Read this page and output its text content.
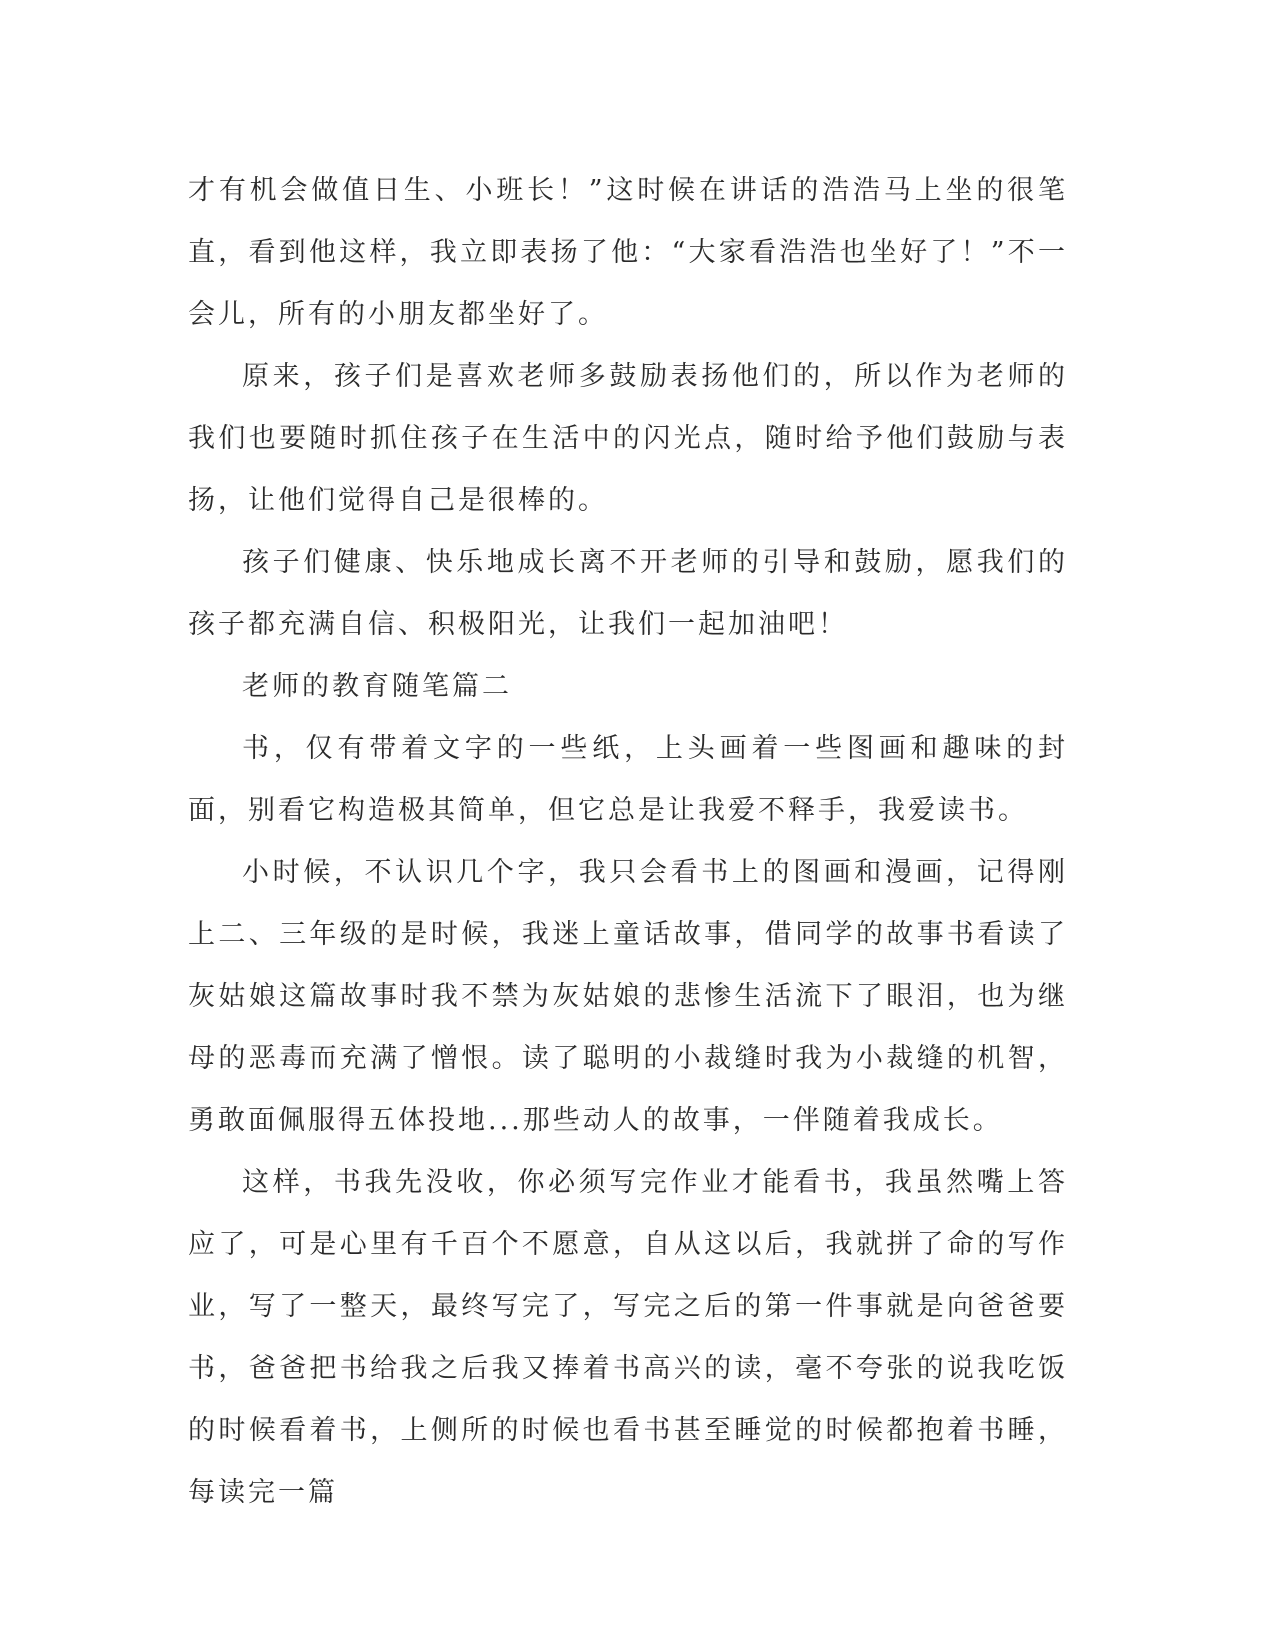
才有机会做值日生、小班长！”这时候在讲话的浩浩马上坐的很笔直，看到他这样，我立即表扬了他：“大家看浩浩也坐好了！”不一会儿，所有的小朋友都坐好了。

原来，孩子们是喜欢老师多鼓励表扬他们的，所以作为老师的我们也要随时抓住孩子在生活中的闪光点，随时给予他们鼓励与表扬，让他们觉得自己是很棒的。

孩子们健康、快乐地成长离不开老师的引导和鼓励，愿我们的孩子都充满自信、积极阳光，让我们一起加油吧！

老师的教育随笔篇二

书，仅有带着文字的一些纸，上头画着一些图画和趣味的封面，别看它构造极其简单，但它总是让我爱不释手，我爱读书。

小时候，不认识几个字，我只会看书上的图画和漫画，记得刚上二、三年级的是时候，我迷上童话故事，借同学的故事书看读了灰姑娘这篇故事时我不禁为灰姑娘的悲惨生活流下了眼泪，也为继母的恶毒而充满了憎恨。读了聪明的小裁缝时我为小裁缝的机智，勇敢面佩服得五体投地...那些动人的故事，一伴随着我成长。

这样，书我先没收，你必须写完作业才能看书，我虽然嘴上答应了，可是心里有千百个不愿意，自从这以后，我就拼了命的写作业，写了一整天，最终写完了，写完之后的第一件事就是向爸爸要书，爸爸把书给我之后我又捧着书高兴的读，毫不夸张的说我吃饭的时候看着书，上侧所的时候也看书甚至睡觉的时候都抱着书睡，每读完一篇
